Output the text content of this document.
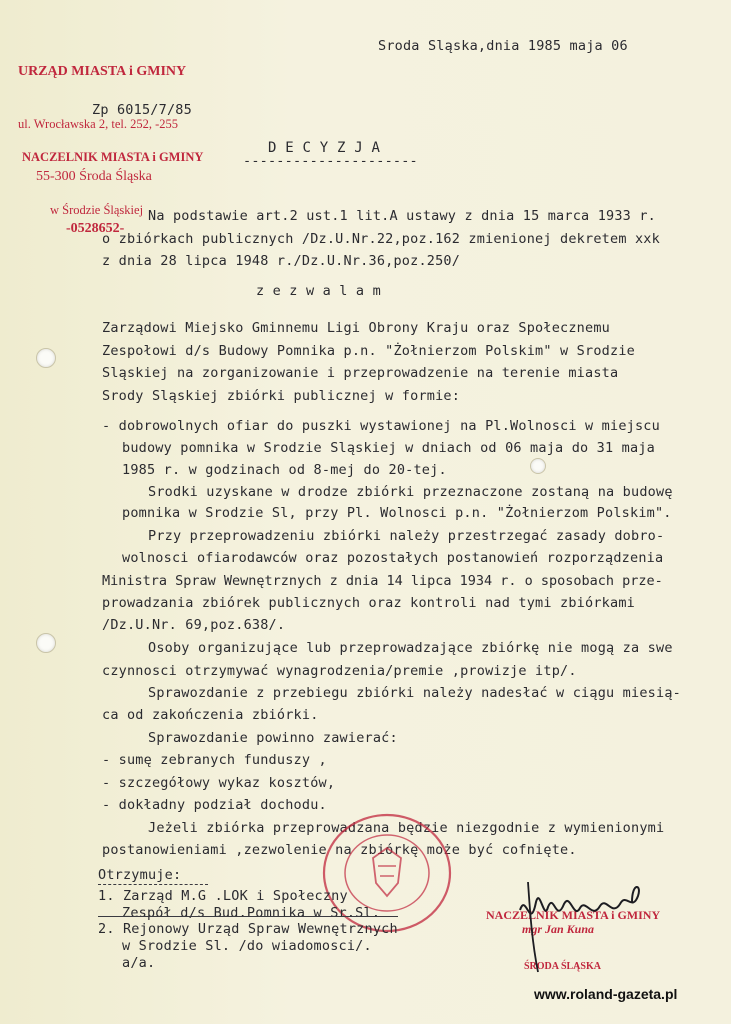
URZĄD MIASTA i GMINY

ul. Wrocławska 2, tel. 252, -255

55-300 Środa Śląska

-0528652-

Zp 6015/7/85

NACZELNIK MIASTA i GMINY

w Środzie Śląskiej

Sroda Sląska,dnia 1985 maja 06
D E C Y Z J A
---------------------
Na podstawie art.2 ust.1 lit.A ustawy z dnia 15 marca 1933 r.
o zbiórkach publicznych /Dz.U.Nr.22,poz.162 zmienionej dekretem xxk
z dnia 28 lipca 1948 r./Dz.U.Nr.36,poz.250/
z e z w a l a m
Zarządowi Miejsko Gminnemu Ligi Obrony Kraju oraz Społecznemu
Zespołowi d/s Budowy Pomnika p.n. "Żołnierzom Polskim" w Srodzie
Sląskiej na zorganizowanie i przeprowadzenie na terenie miasta
Srody Sląskiej zbiórki publicznej w formie:
- dobrowolnych ofiar do puszki wystawionej na Pl.Wolnosci w miejscu
budowy pomnika w Srodzie Sląskiej w dniach od 06 maja do 31 maja
1985 r. w godzinach od 8-mej do 20-tej.
Srodki uzyskane w drodze zbiórki przeznaczone zostaną na budowę
pomnika w Srodzie Sl, przy Pl. Wolnosci p.n. "Żołnierzom Polskim".
Przy przeprowadzeniu zbiórki należy przestrzegać zasady dobro-
wolnosci ofiarodawców oraz pozostałych postanowień rozporządzenia
Ministra Spraw Wewnętrznych z dnia 14 lipca 1934 r. o sposobach prze-
prowadzania zbiórek publicznych oraz kontroli nad tymi zbiórkami
/Dz.U.Nr. 69,poz.638/.
Osoby organizujące lub przeprowadzające zbiórkę nie mogą za swe
czynnosci otrzymywać wynagrodzenia/premie ,prowizje itp/.
Sprawozdanie z przebiegu zbiórki należy nadesłać w ciągu miesią-
ca od zakończenia zbiórki.
Sprawozdanie powinno zawierać:
- sumę zebranych funduszy ,
- szczegółowy wykaz kosztów,
- dokładny podział dochodu.
Jeżeli zbiórka przeprowadzana będzie niezgodnie z wymienionymi
postanowieniami ,zezwolenie na zbiórkę może być cofnięte.
Otrzymuje:
1. Zarząd M.G .LOK i Społeczny
Zespół d/s Bud.Pomnika w Sr.Sl.
2. Rejonowy Urząd Spraw Wewnętrznych
w Srodzie Sl. /do wiadomosci/.
a/a.

NACZELNIK MIASTA i GMINY

ŚRODA ŚLĄSKA

mgr Jan Kuna
www.roland-gazeta.pl
